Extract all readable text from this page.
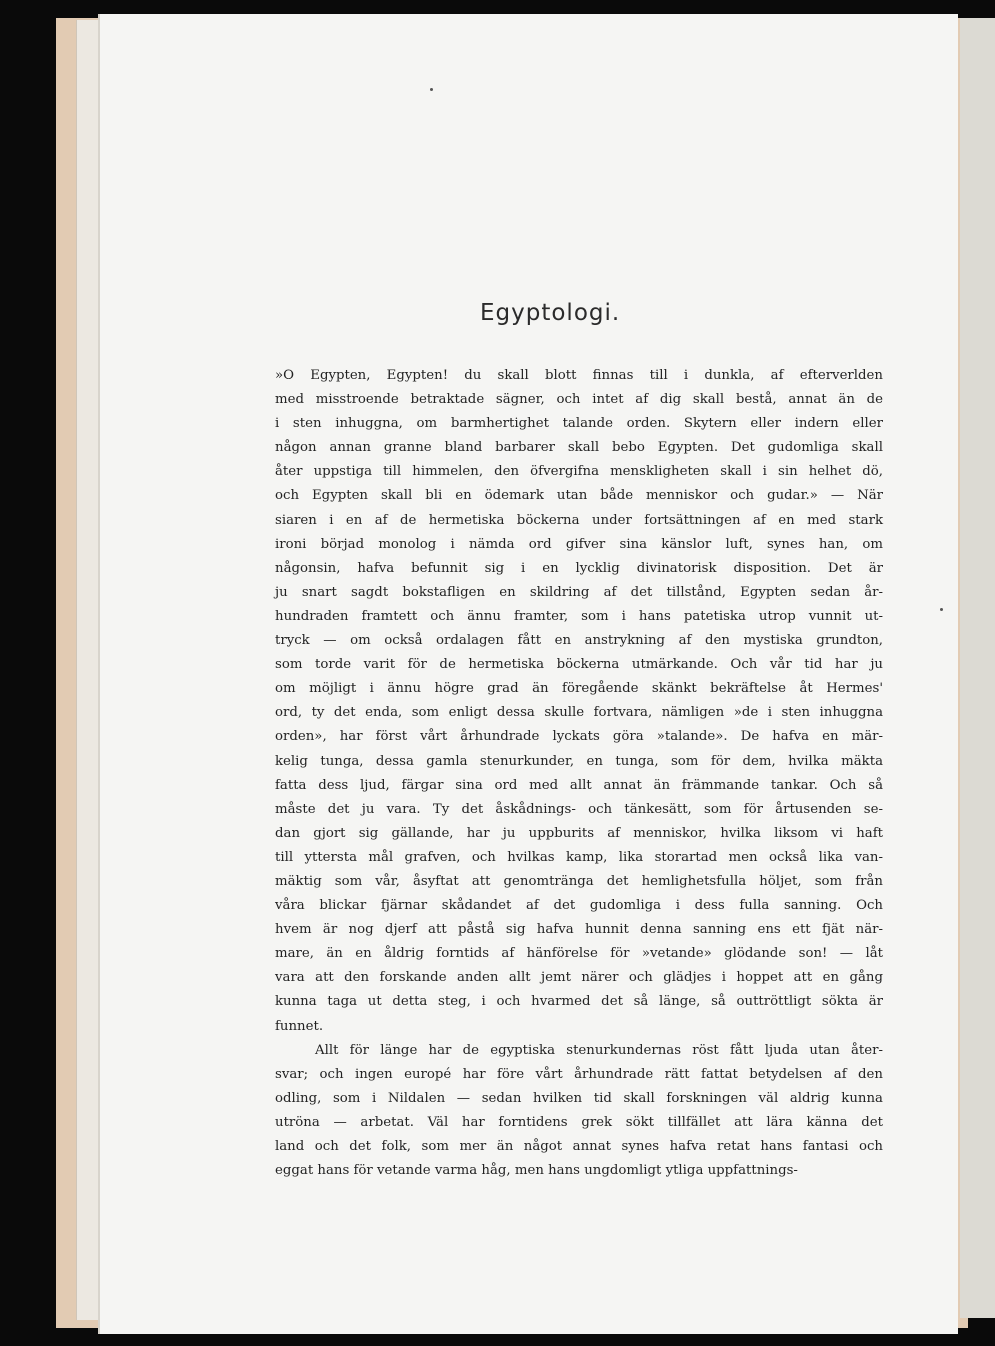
Egyptologi.

»O Egypten, Egypten! du skall blott finnas till i dunkla, af efterverlden
med misstroende betraktade sägner, och intet af dig skall bestå, annat än de
i sten inhuggna, om barmhertighet talande orden. Skytern eller indern eller
någon annan granne bland barbarer skall bebo Egypten. Det gudomliga skall
åter uppstiga till himmelen, den öfvergifna menskligheten skall i sin helhet dö,
och Egypten skall bli en ödemark utan både menniskor och gudar.» — När
siaren i en af de hermetiska böckerna under fortsättningen af en med stark
ironi börjad monolog i nämda ord gifver sina känslor luft, synes han, om
någonsin, hafva befunnit sig i en lycklig divinatorisk disposition. Det är
ju snart sagdt bokstafligen en skildring af det tillstånd, Egypten sedan år-
hundraden framtett och ännu framter, som i hans patetiska utrop vunnit ut-
tryck — om också ordalagen fått en anstrykning af den mystiska grundton,
som torde varit för de hermetiska böckerna utmärkande. Och vår tid har ju
om möjligt i ännu högre grad än föregående skänkt bekräftelse åt Hermes'
ord, ty det enda, som enligt dessa skulle fortvara, nämligen »de i sten inhuggna
orden», har först vårt århundrade lyckats göra »talande». De hafva en mär-
kelig tunga, dessa gamla stenurkunder, en tunga, som för dem, hvilka mäkta
fatta dess ljud, färgar sina ord med allt annat än främmande tankar. Och så
måste det ju vara. Ty det åskådnings- och tänkesätt, som för årtusenden se-
dan gjort sig gällande, har ju uppburits af menniskor, hvilka liksom vi haft
till yttersta mål grafven, och hvilkas kamp, lika storartad men också lika van-
mäktig som vår, åsyftat att genomtränga det hemlighetsfulla höljet, som från
våra blickar fjärnar skådandet af det gudomliga i dess fulla sanning. Och
hvem är nog djerf att påstå sig hafva hunnit denna sanning ens ett fjät när-
mare, än en åldrig forntids af hänförelse för »vetande» glödande son! — låt
vara att den forskande anden allt jemt närer och glädjes i hoppet att en gång
kunna taga ut detta steg, i och hvarmed det så länge, så outtröttligt sökta är
funnet.

Allt för länge har de egyptiska stenurkundernas röst fått ljuda utan åter-
svar; och ingen europé har före vårt århundrade rätt fattat betydelsen af den
odling, som i Nildalen — sedan hvilken tid skall forskningen väl aldrig kunna
utröna — arbetat. Väl har forntidens grek sökt tillfället att lära känna det
land och det folk, som mer än något annat synes hafva retat hans fantasi och
eggat hans för vetande varma håg, men hans ungdomligt ytliga uppfattnings-
